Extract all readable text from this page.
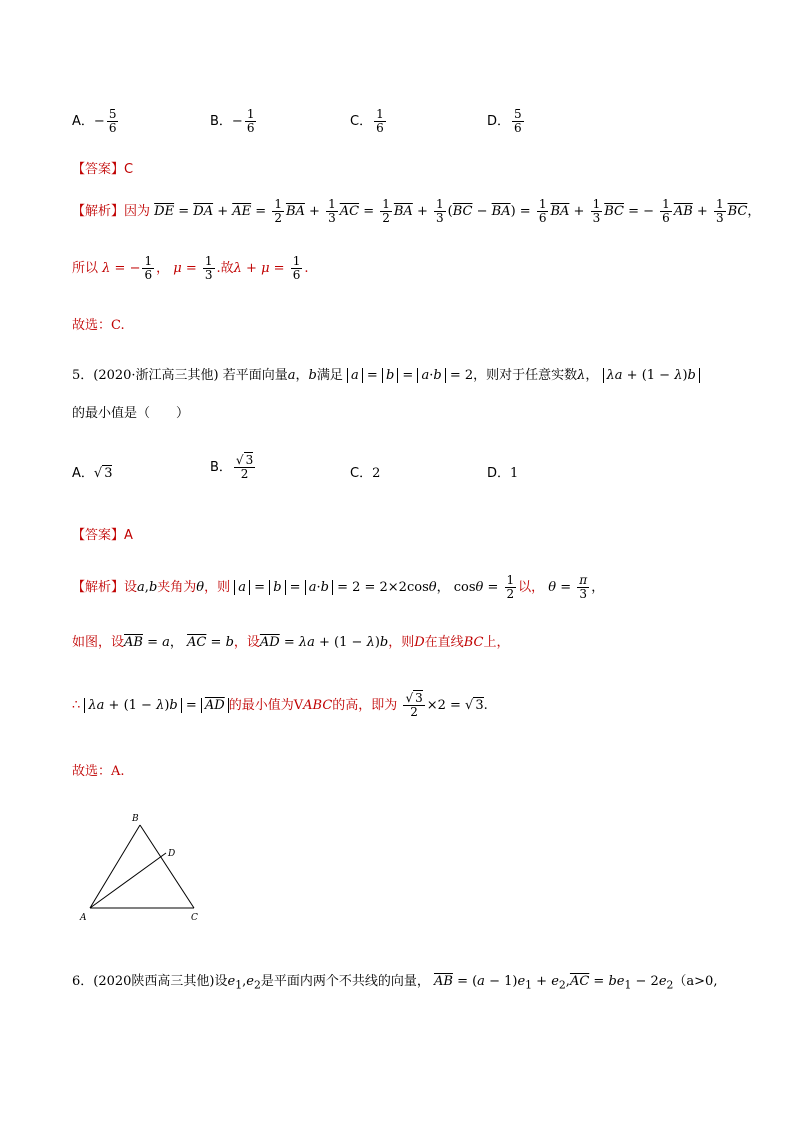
A．− $\frac{5}{6}$	B．− $\frac{1}{6}$	C． $\frac{1}{6}$	D． $\frac{5}{6}$
【答案】C
【解析】因为 $\overline{DE} = \overline{DA} + \overline{AE} = \frac{1}{2} \overline{BA} + \frac{1}{3} \overline{AC} = \frac{1}{2} \overline{BA} + \frac{1}{3} (\overline{BC} - \overline{BA}) = \frac{1}{6} \overline{BA} + \frac{1}{3} \overline{BC}$ = − $\frac{1}{6} \overline{AB} + \frac{1}{3} \overline{BC}$，
所以 λ = − $\frac{1}{6}$ ， $\mu = \frac{1}{3}$ .故$\lambda + \mu = \frac{1}{6}$ .
故选：C.
5．(2020·浙江高三其他) 若平面向量a，b满足 a = b = a·b = 2，则对于任意实数λ， λa + (1 − λ)b
的最小值是（　　）
A．√ 3	B． $\frac{√ 3}{2}$	C．2	D．1
【答案】A
【解析】设a,b夹角为θ，则 a = b = a·b = 2 = 2×2cosθ， $\cos\theta = \frac{1}{2}$ 以， $\theta = \frac{\pi}{3}$ ，
如图，设$\overline{AB} = a$， $\overline{AC} = b$，设$\overline{AD} = \lambda a + (1 - \lambda)b$，则D在直线BC上，
∴ $\lambda a + (1 - \lambda)b = \overline{AD}$ 的最小值为VABC的高，即为 $\frac{√ 3}{2} \times 2$ = √ 3.
故选：A.
B
D
A	C
6．(2020陕西高三其他)设$e_1,e_2$是平面内两个不共线的向量， $\overline{AB} = (a - 1)e_1 + e_2,\overline{AC} = be_1 - 2e_2(a>0$,
